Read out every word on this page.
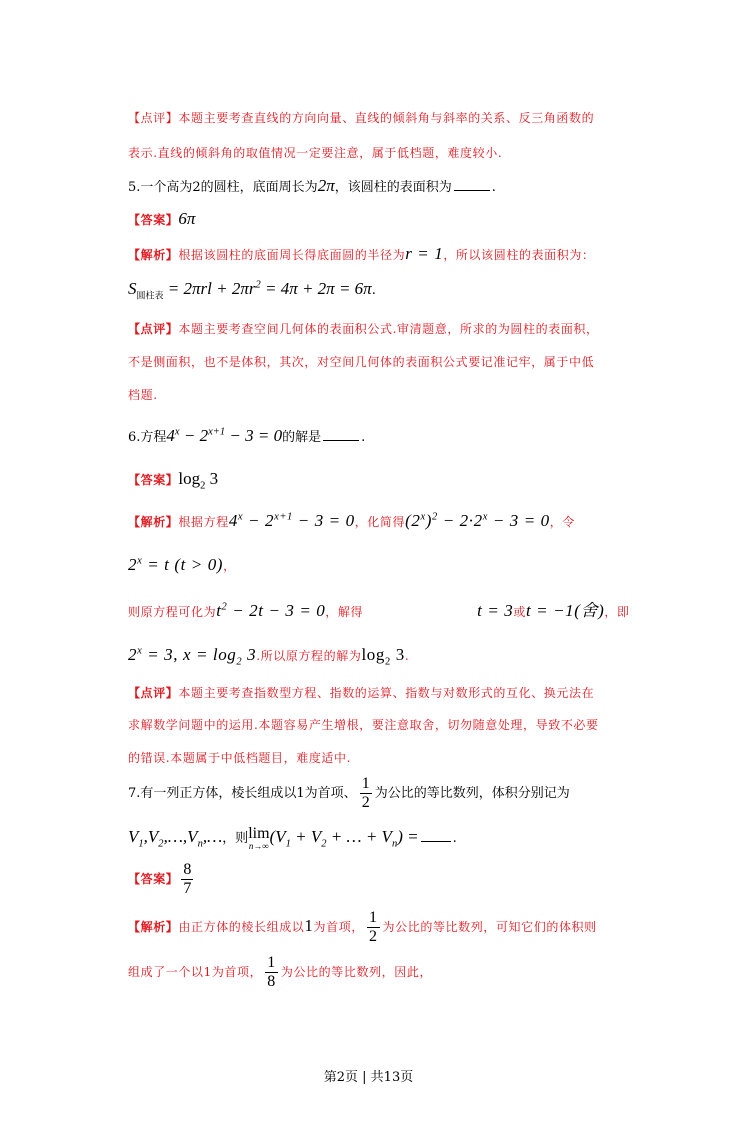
【点评】本题主要考查直线的方向向量、直线的倾斜角与斜率的关系、反三角函数的
表示.直线的倾斜角的取值情况一定要注意，属于低档题，难度较小.
5.一个高为2的圆柱，底面周长为2π，该圆柱的表面积为	.
【答案】6π
【解析】根据该圆柱的底面周长得底面圆的半径为r = 1，所以该圆柱的表面积为：
$S_{圆柱表} = 2\pi rl + 2\pi r^2 = 4\pi + 2\pi = 6\pi$.
【点评】本题主要考查空间几何体的表面积公式.审清题意，所求的为圆柱的表面积，
不是侧面积，也不是体积，其次，对空间几何体的表面积公式要记准记牢，属于中低
档题.
6.方程$4^x - 2^{x+1} - 3 = 0$的解是	.
【答案】$\log_2 3$
【解析】根据方程$4^x - 2^{x+1} - 3 = 0$，化简得$(2^x)^2 - 2\cdot 2^x - 3 = 0$，令
$2^x = t$ (t > 0)，
则原方程可化为$t^2 - 2t - 3 = 0$，解得	t = 3或t = −1(舍)，即
$2^x = 3$, $x = \log_2 3$.所以原方程的解为$\log_2 3$.
【点评】本题主要考查指数型方程、指数的运算、指数与对数形式的互化、换元法在
求解数学问题中的运用.本题容易产生增根，要注意取舍，切勿随意处理，导致不必要
的错误.本题属于中低档题目，难度适中.
7.有一列正方体，棱长组成以1为首项、 $\frac{1}{2}$ 为公比的等比数列，体积分别记为
$V_1,V_2,\dots,V_n,\dots$，则lim
n→∞ ($V_1 + V_2$ + … + $V_n$) =	.
【答案】 $\frac{8}{7}$
【解析】由正方体的棱长组成以1为首项， $\frac{1}{2}$ 为公比的等比数列，可知它们的体积则
组成了一个以1为首项， $\frac{1}{8}$ 为公比的等比数列，因此，
第2页 | 共13页
